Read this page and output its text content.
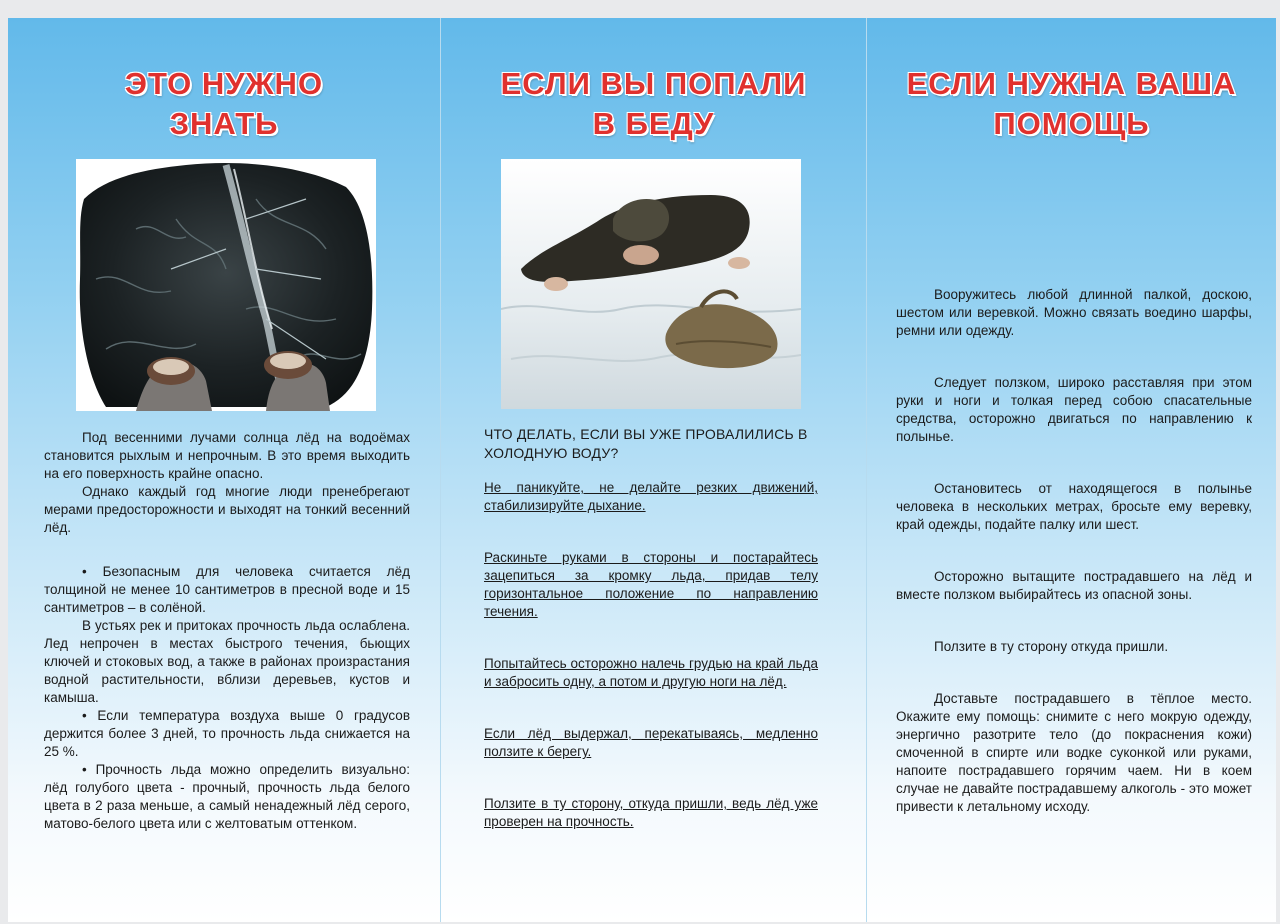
ЭТО НУЖНО
ЗНАТЬ

Под весенними лучами солнца лёд на водоёмах становится рыхлым и непрочным. В это время выходить на его поверхность крайне опасно.

Однако каждый год многие люди пренебрегают мерами предосторожности и выходят на тонкий весенний лёд.

• Безопасным для человека считается лёд толщиной не менее 10 сантиметров в пресной воде и 15 сантиметров – в солёной.

В устьях рек и притоках прочность льда ослаблена. Лед непрочен в местах быстрого течения, бьющих ключей и стоковых вод, а также в районах произрастания водной растительности, вблизи деревьев, кустов и камыша.

• Если температура воздуха выше 0 градусов держится более 3 дней, то прочность льда снижается на 25 %.

• Прочность льда можно определить визуально: лёд голубого цвета - прочный, прочность льда белого цвета в 2 раза меньше, а самый ненадежный лёд серого, матово-белого цвета или с желтоватым оттенком.

ЕСЛИ ВЫ ПОПАЛИ
В БЕДУ

ЧТО ДЕЛАТЬ, ЕСЛИ ВЫ УЖЕ ПРОВАЛИЛИСЬ В ХОЛОДНУЮ ВОДУ?

Не паникуйте, не делайте резких движений, стабилизируйте дыхание.

Раскиньте руками в стороны и постарайтесь зацепиться за кромку льда, придав телу горизонтальное положение по направлению течения.

Попытайтесь осторожно налечь грудью на край льда и забросить одну, а потом и другую ноги на лёд.

Если лёд выдержал, перекатываясь, медленно ползите к берегу.

Ползите в ту сторону, откуда пришли, ведь лёд уже проверен на прочность.

ЕСЛИ НУЖНА ВАША
ПОМОЩЬ

Вооружитесь любой длинной палкой, доскою, шестом или веревкой. Можно связать воедино шарфы, ремни или одежду.

Следует ползком, широко расставляя при этом руки и ноги и толкая перед собою спасательные средства, осторожно двигаться по направлению к полынье.

Остановитесь от находящегося в полынье человека в нескольких метрах, бросьте ему веревку, край одежды, подайте палку или шест.

Осторожно вытащите пострадавшего на лёд и вместе ползком выбирайтесь из опасной зоны.

Ползите в ту сторону откуда пришли.

Доставьте пострадавшего в тёплое место. Окажите ему помощь: снимите с него мокрую одежду, энергично разотрите тело (до покраснения кожи) смоченной в спирте или водке суконкой или руками, напоите пострадавшего горячим чаем. Ни в коем случае не давайте пострадавшему алкоголь - это может привести к летальному исходу.
